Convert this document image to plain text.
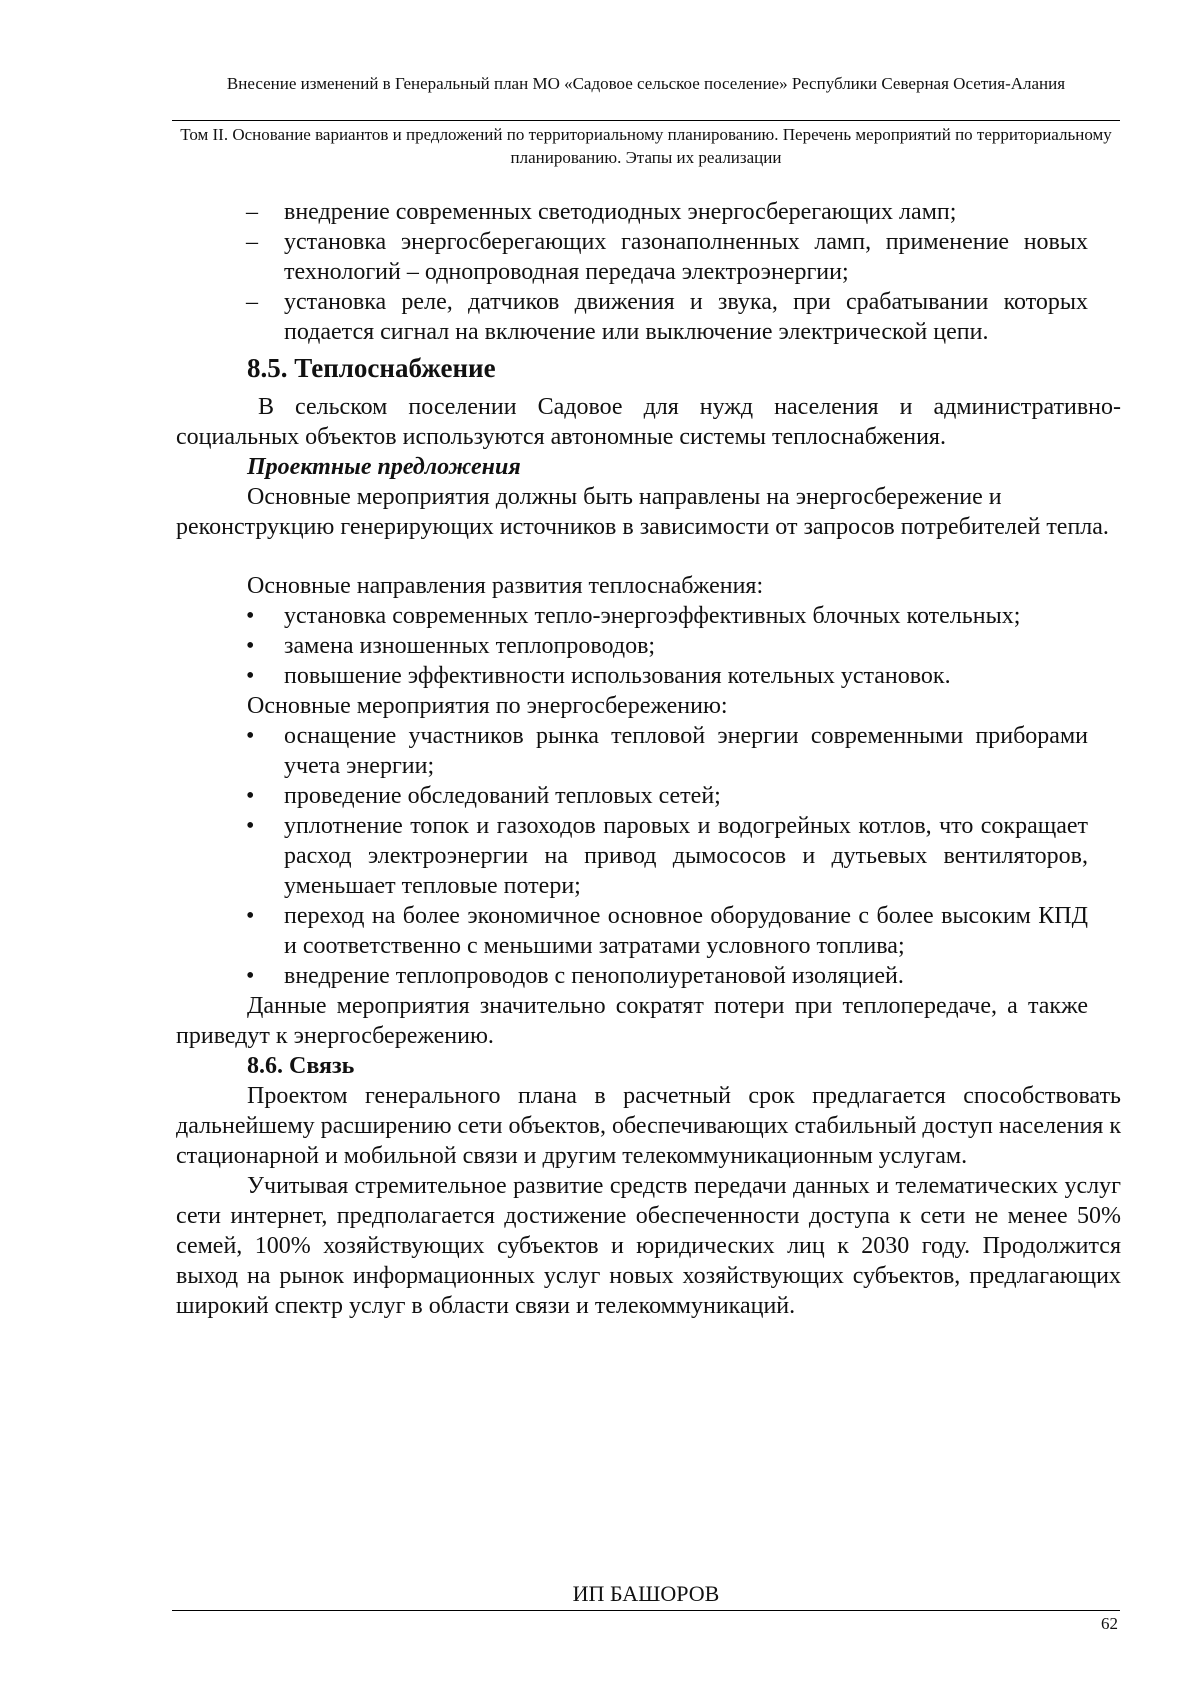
Внесение изменений в Генеральный план МО «Садовое сельское поселение» Республики Северная Осетия-Алания
Том II. Основание вариантов и предложений по территориальному планированию. Перечень мероприятий по территориальному планированию. Этапы их реализации
– внедрение современных светодиодных энергосберегающих ламп;
– установка энергосберегающих газонаполненных ламп, применение новых технологий – однопроводная передача электроэнергии;
– установка реле, датчиков движения и звука, при срабатывании которых подается сигнал на включение или выключение электрической цепи.
8.5. Теплоснабжение

В сельском поселении Садовое для нужд населения и административно-социальных объектов используются автономные системы теплоснабжения.

Проектные предложения

Основные мероприятия должны быть направлены на энергосбережение и реконструкцию генерирующих источников в зависимости от запросов потребителей тепла.

Основные направления развития теплоснабжения:
• установка современных тепло-энергоэффективных блочных котельных;
• замена изношенных теплопроводов;
• повышение эффективности использования котельных установок.
Основные мероприятия по энергосбережению:
• оснащение участников рынка тепловой энергии современными приборами учета энергии;
• проведение обследований тепловых сетей;
• уплотнение топок и газоходов паровых и водогрейных котлов, что сокращает расход электроэнергии на привод дымососов и дутьевых вентиляторов, уменьшает тепловые потери;
• переход на более экономичное основное оборудование с более высоким КПД и соответственно с меньшими затратами условного топлива;
• внедрение теплопроводов с пенополиуретановой изоляцией.

Данные мероприятия значительно сократят потери при теплопередаче, а также приведут к энергосбережению.

8.6. Связь

Проектом генерального плана в расчетный срок предлагается способствовать дальнейшему расширению сети объектов, обеспечивающих стабильный доступ населения к стационарной и мобильной связи и другим телекоммуникационным услугам.

Учитывая стремительное развитие средств передачи данных и телематических услуг сети интернет, предполагается достижение обеспеченности доступа к сети не менее 50% семей, 100% хозяйствующих субъектов и юридических лиц к 2030 году. Продолжится выход на рынок информационных услуг новых хозяйствующих субъектов, предлагающих широкий спектр услуг в области связи и телекоммуникаций.

ИП БАШОРОВ
62
